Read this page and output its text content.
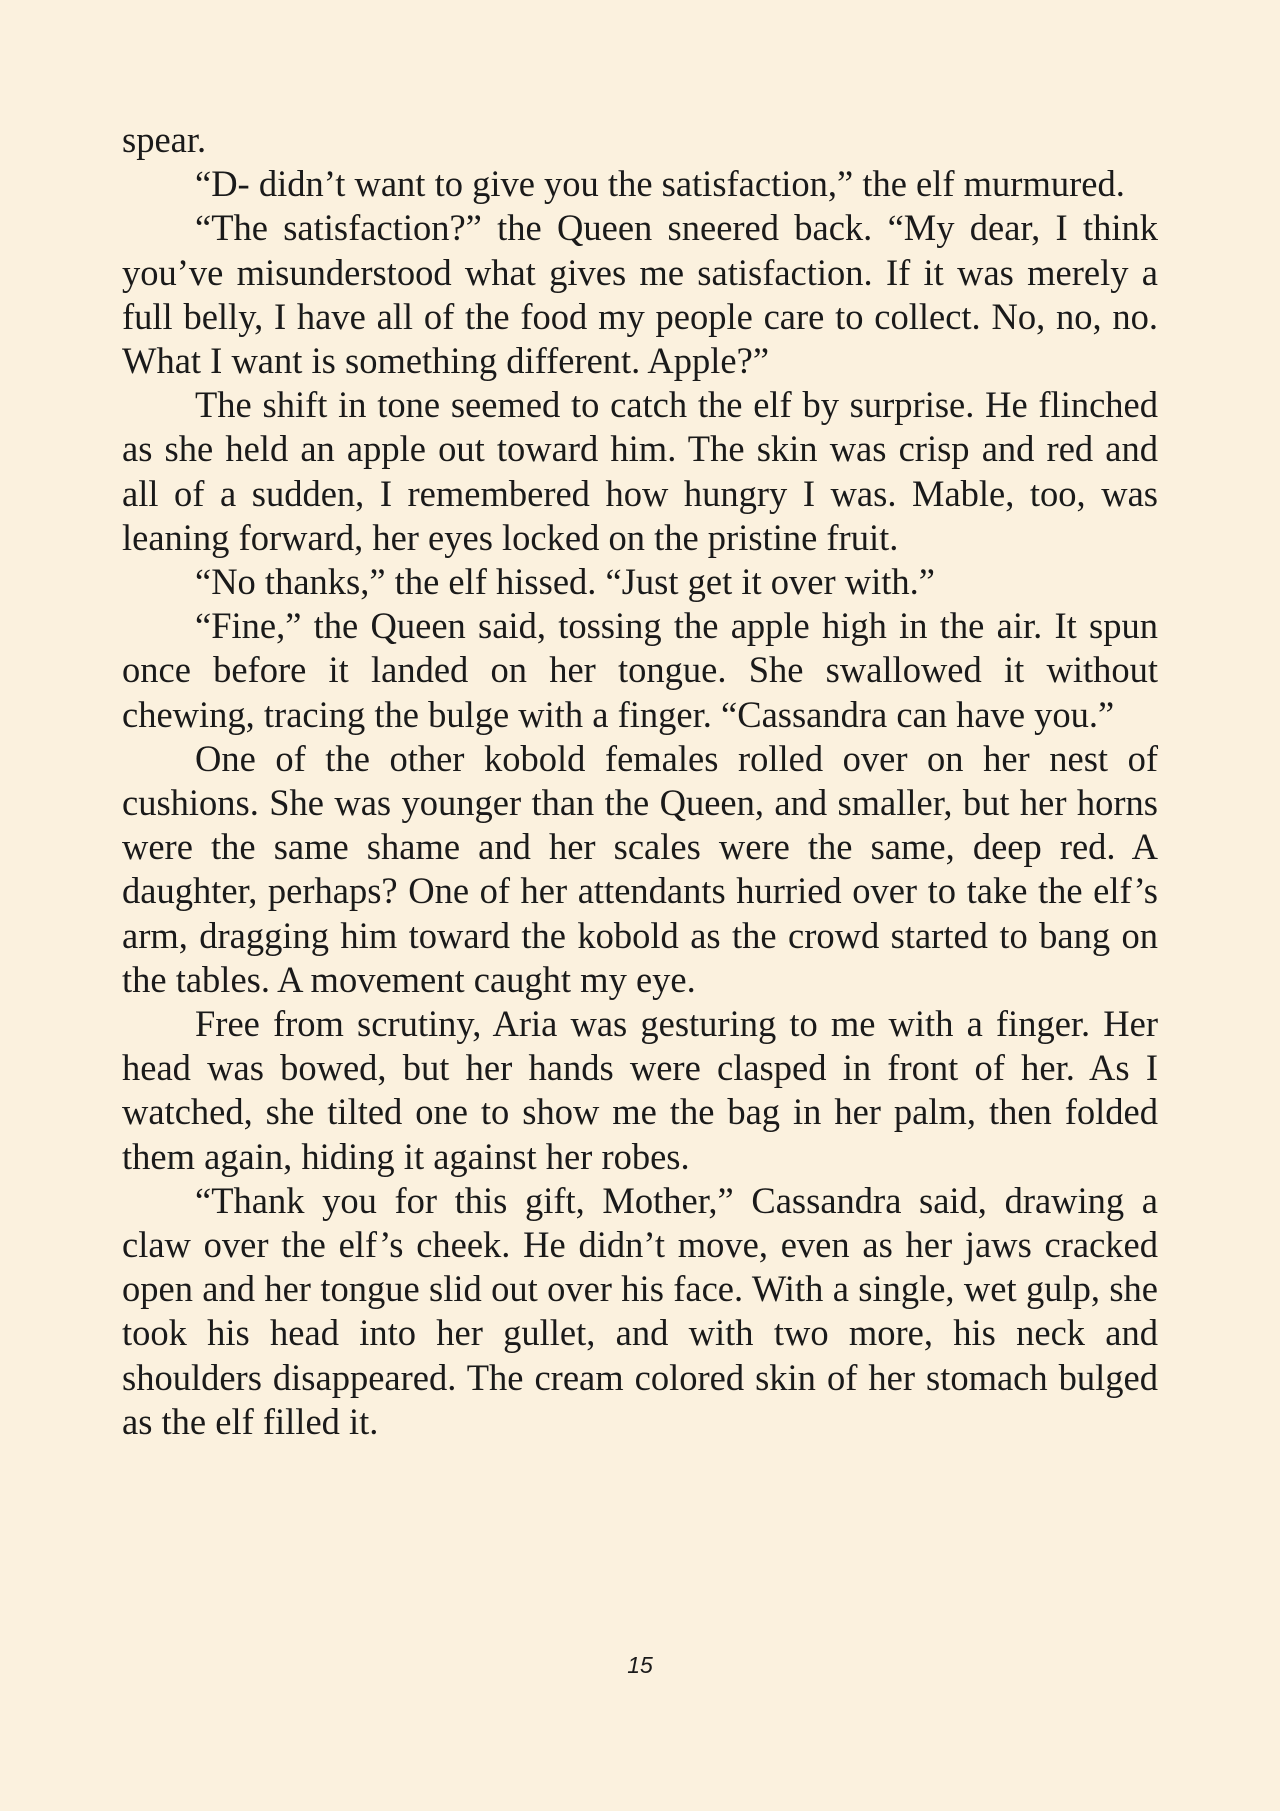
spear.

“D- didn’t want to give you the satisfaction,” the elf murmured.

“The satisfaction?” the Queen sneered back. “My dear, I think you’ve misunderstood what gives me satisfaction. If it was merely a full belly, I have all of the food my people care to collect. No, no, no. What I want is something different. Apple?”

The shift in tone seemed to catch the elf by surprise. He flinched as she held an apple out toward him. The skin was crisp and red and all of a sudden, I remembered how hungry I was. Mable, too, was leaning forward, her eyes locked on the pristine fruit.

“No thanks,” the elf hissed. “Just get it over with.”

“Fine,” the Queen said, tossing the apple high in the air. It spun once before it landed on her tongue. She swallowed it without chewing, tracing the bulge with a finger. “Cassandra can have you.”

One of the other kobold females rolled over on her nest of cushions. She was younger than the Queen, and smaller, but her horns were the same shame and her scales were the same, deep red. A daughter, perhaps? One of her attendants hurried over to take the elf’s arm, dragging him toward the kobold as the crowd started to bang on the tables. A movement caught my eye.

Free from scrutiny, Aria was gesturing to me with a finger. Her head was bowed, but her hands were clasped in front of her. As I watched, she tilted one to show me the bag in her palm, then folded them again, hiding it against her robes.

“Thank you for this gift, Mother,” Cassandra said, drawing a claw over the elf’s cheek. He didn’t move, even as her jaws cracked open and her tongue slid out over his face. With a single, wet gulp, she took his head into her gullet, and with two more, his neck and shoulders disappeared. The cream colored skin of her stomach bulged as the elf filled it.

15
